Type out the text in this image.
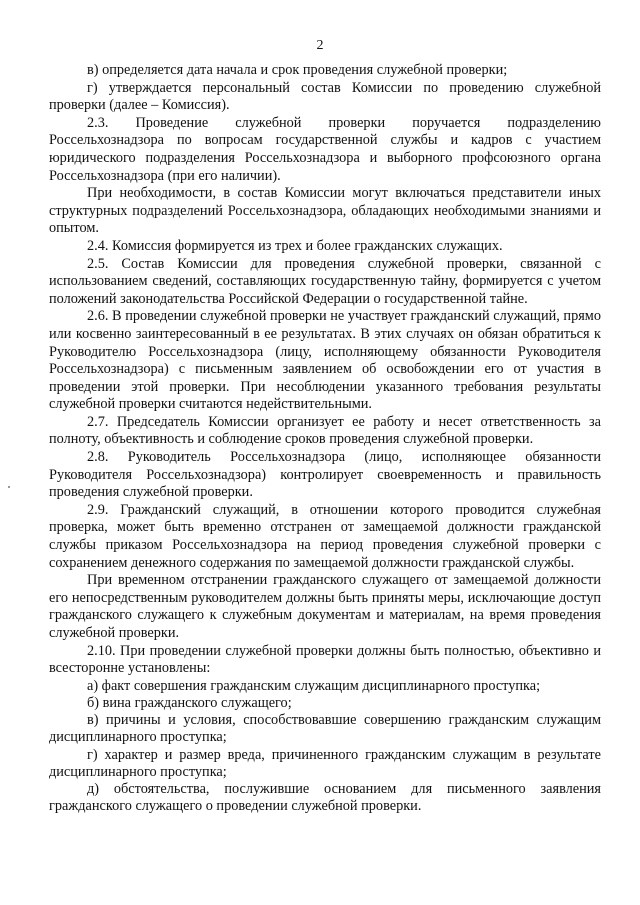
2

в) определяется дата начала и срок проведения служебной проверки;

г) утверждается персональный состав Комиссии по проведению служебной проверки (далее – Комиссия).

2.3. Проведение служебной проверки поручается подразделению Россельхознадзора по вопросам государственной службы и кадров с участием юридического подразделения Россельхознадзора и выборного профсоюзного органа Россельхознадзора (при его наличии).

При необходимости, в состав Комиссии могут включаться представители иных структурных подразделений Россельхознадзора, обладающих необходимыми знаниями и опытом.

2.4. Комиссия формируется из трех и более гражданских служащих.

2.5. Состав Комиссии для проведения служебной проверки, связанной с использованием сведений, составляющих государственную тайну, формируется с учетом положений законодательства Российской Федерации о государственной тайне.

2.6. В проведении служебной проверки не участвует гражданский служащий, прямо или косвенно заинтересованный в ее результатах. В этих случаях он обязан обратиться к Руководителю Россельхознадзора (лицу, исполняющему обязанности Руководителя Россельхознадзора) с письменным заявлением об освобождении его от участия в проведении этой проверки. При несоблюдении указанного требования результаты служебной проверки считаются недействительными.

2.7. Председатель Комиссии организует ее работу и несет ответственность за полноту, объективность и соблюдение сроков проведения служебной проверки.

2.8. Руководитель Россельхознадзора (лицо, исполняющее обязанности Руководителя Россельхознадзора) контролирует своевременность и правильность проведения служебной проверки.

2.9. Гражданский служащий, в отношении которого проводится служебная проверка, может быть временно отстранен от замещаемой должности гражданской службы приказом Россельхознадзора на период проведения служебной проверки с сохранением денежного содержания по замещаемой должности гражданской службы.

При временном отстранении гражданского служащего от замещаемой должности его непосредственным руководителем должны быть приняты меры, исключающие доступ гражданского служащего к служебным документам и материалам, на время проведения служебной проверки.

2.10. При проведении служебной проверки должны быть полностью, объективно и всесторонне установлены:

а) факт совершения гражданским служащим дисциплинарного проступка;

б) вина гражданского служащего;

в) причины и условия, способствовавшие совершению гражданским служащим дисциплинарного проступка;

г) характер и размер вреда, причиненного гражданским служащим в результате дисциплинарного проступка;

д) обстоятельства, послужившие основанием для письменного заявления гражданского служащего о проведении служебной проверки.
